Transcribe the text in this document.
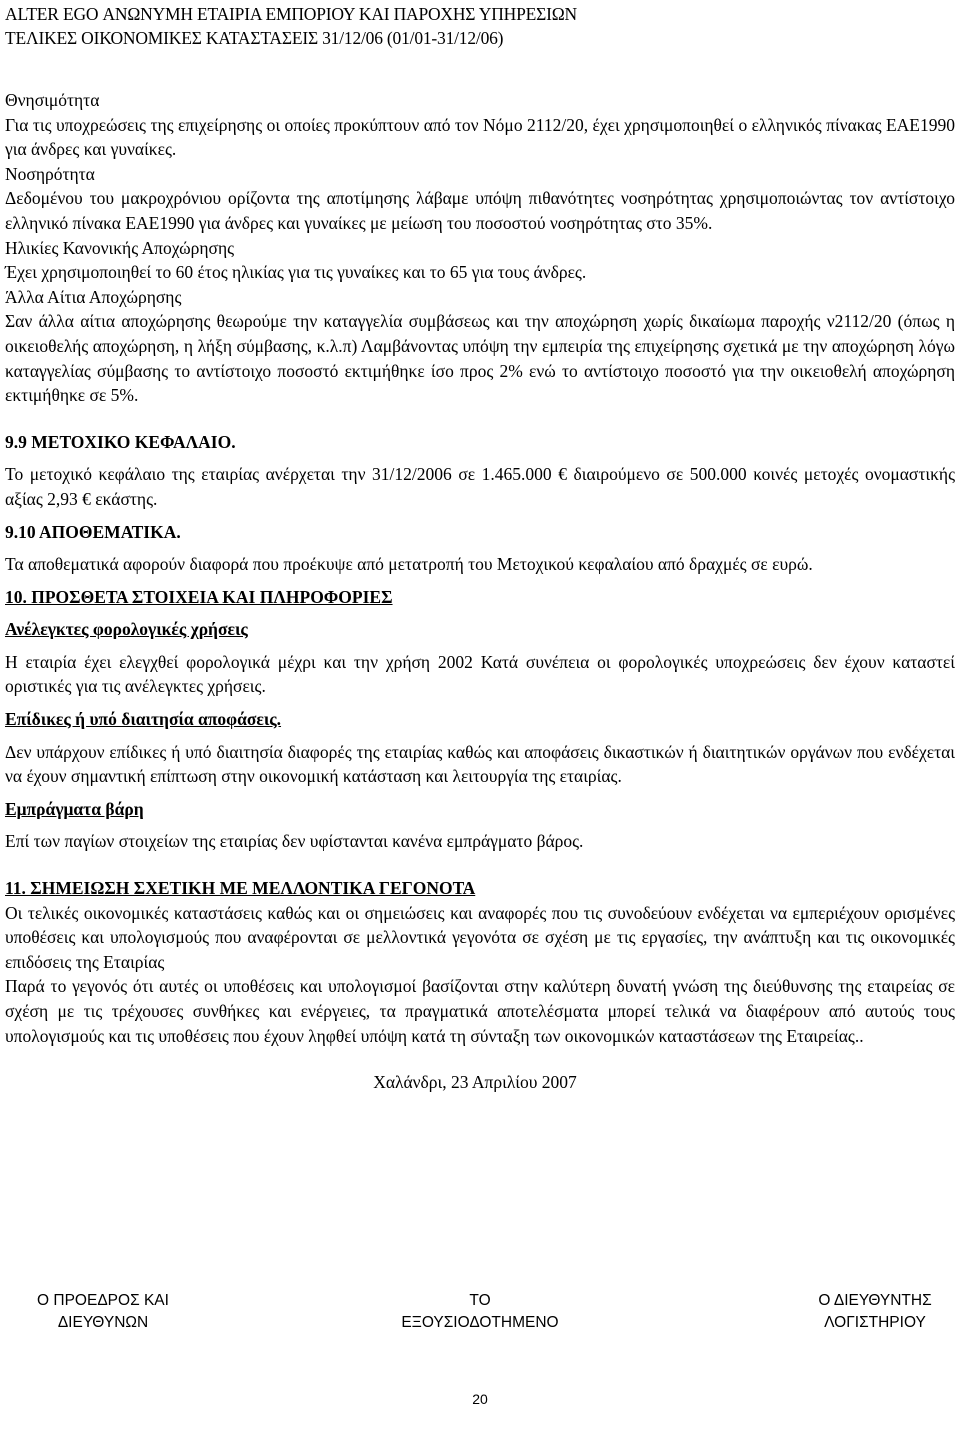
ALTER EGO ΑΝΩΝΥΜΗ ΕΤΑΙΡΙΑ ΕΜΠΟΡΙΟΥ ΚΑΙ ΠΑΡΟΧΗΣ ΥΠΗΡΕΣΙΩΝ
ΤΕΛΙΚΕΣ ΟΙΚΟΝΟΜΙΚΕΣ ΚΑΤΑΣΤΑΣΕΙΣ 31/12/06 (01/01-31/12/06)

Θνησιμότητα

Για τις υποχρεώσεις της επιχείρησης οι οποίες προκύπτουν από τον Νόμο 2112/20, έχει χρησιμοποιηθεί ο ελληνικός πίνακας ΕΑΕ1990 για άνδρες και γυναίκες.

Νοσηρότητα

Δεδομένου του μακροχρόνιου ορίζοντα της αποτίμησης λάβαμε υπόψη πιθανότητες νοσηρότητας χρησιμοποιώντας τον αντίστοιχο ελληνικό πίνακα ΕΑΕ1990 για άνδρες και γυναίκες με μείωση του ποσοστού νοσηρότητας στο 35%.

Ηλικίες Κανονικής Αποχώρησης

Έχει χρησιμοποιηθεί το 60 έτος ηλικίας για τις γυναίκες και το 65 για τους άνδρες.

Άλλα Αίτια Αποχώρησης

Σαν άλλα αίτια αποχώρησης θεωρούμε την καταγγελία συμβάσεως και την αποχώρηση χωρίς δικαίωμα παροχής ν2112/20 (όπως η οικειοθελής αποχώρηση, η λήξη σύμβασης, κ.λ.π) Λαμβάνοντας υπόψη την εμπειρία της επιχείρησης σχετικά με την αποχώρηση λόγω καταγγελίας σύμβασης το αντίστοιχο ποσοστό εκτιμήθηκε ίσο προς 2% ενώ το αντίστοιχο ποσοστό για την οικειοθελή αποχώρηση εκτιμήθηκε σε 5%.

9.9 ΜΕΤΟΧΙΚΟ ΚΕΦΑΛΑΙΟ.

Το μετοχικό κεφάλαιο της εταιρίας ανέρχεται την 31/12/2006 σε 1.465.000 € διαιρούμενο σε 500.000 κοινές μετοχές ονομαστικής αξίας 2,93 € εκάστης.

9.10 ΑΠΟΘΕΜΑΤΙΚΑ.

Τα αποθεματικά αφορούν διαφορά που προέκυψε από μετατροπή του Μετοχικού κεφαλαίου από δραχμές σε ευρώ.

10. ΠΡΟΣΘΕΤΑ ΣΤΟΙΧΕΙΑ ΚΑΙ ΠΛΗΡΟΦΟΡΙΕΣ

Ανέλεγκτες φορολογικές χρήσεις

Η εταιρία έχει ελεγχθεί φορολογικά μέχρι και την χρήση 2002 Κατά συνέπεια οι φορολογικές υποχρεώσεις δεν έχουν καταστεί οριστικές για τις ανέλεγκτες χρήσεις.

Επίδικες ή υπό διαιτησία αποφάσεις.

Δεν υπάρχουν επίδικες ή υπό διαιτησία διαφορές της εταιρίας καθώς και αποφάσεις δικαστικών ή διαιτητικών οργάνων που ενδέχεται να έχουν σημαντική επίπτωση στην οικονομική κατάσταση και λειτουργία της εταιρίας.

Εμπράγματα βάρη

Επί των παγίων στοιχείων της εταιρίας δεν υφίστανται κανένα εμπράγματο βάρος.

11. ΣΗΜΕΙΩΣΗ ΣΧΕΤΙΚΗ ΜΕ ΜΕΛΛΟΝΤΙΚΑ ΓΕΓΟΝΟΤΑ

Οι τελικές οικονομικές καταστάσεις καθώς και οι σημειώσεις και αναφορές που τις συνοδεύουν ενδέχεται να εμπεριέχουν ορισμένες υποθέσεις και υπολογισμούς που αναφέρονται σε μελλοντικά γεγονότα σε σχέση με τις εργασίες, την ανάπτυξη και τις οικονομικές επιδόσεις της Εταιρίας

Παρά το γεγονός ότι αυτές οι υποθέσεις και υπολογισμοί βασίζονται στην καλύτερη δυνατή γνώση της διεύθυνσης της εταιρείας σε σχέση με τις τρέχουσες συνθήκες και ενέργειες, τα πραγματικά αποτελέσματα μπορεί τελικά να διαφέρουν από αυτούς τους υπολογισμούς και τις υποθέσεις που έχουν ληφθεί υπόψη κατά τη σύνταξη των οικονομικών καταστάσεων της Εταιρείας..

Χαλάνδρι, 23 Απριλίου 2007

Ο ΠΡΟΕΔΡΟΣ ΚΑΙ
ΔΙΕΥΘΥΝΩΝ
ΤΟ
ΕΞΟΥΣΙΟΔΟΤΗΜΕΝΟ
Ο ΔΙΕΥΘΥΝΤΗΣ
ΛΟΓΙΣΤΗΡΙΟΥ
20
